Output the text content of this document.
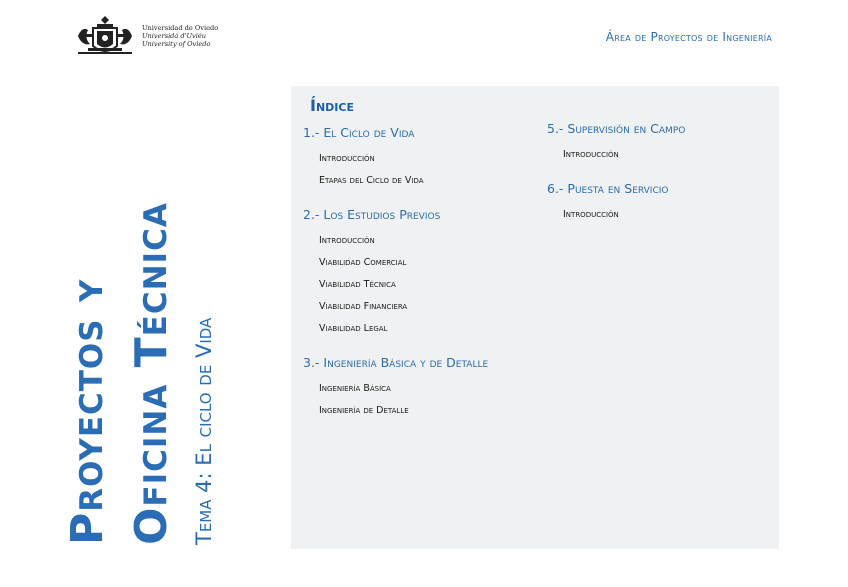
Universidad de Oviedo
Universidá d'Uviéu
University of Oviedo	Área de Proyectos de Ingeniería
Proyectos y Oficina Técnica Tema 4: El ciclo de Vida
Índice
1.- El Ciclo de Vida
Introducción
Etapas del Ciclo de Vida
2.- Los Estudios Previos
Introducción
Viabilidad Comercial
Viabilidad Técnica
Viabilidad Financiera
Viabilidad Legal
3.- Ingeniería Básica y de Detalle
Ingeniería Básica
Ingeniería de Detalle
5.- Supervisión en Campo
Introducción
6.- Puesta en Servicio
Introducción
